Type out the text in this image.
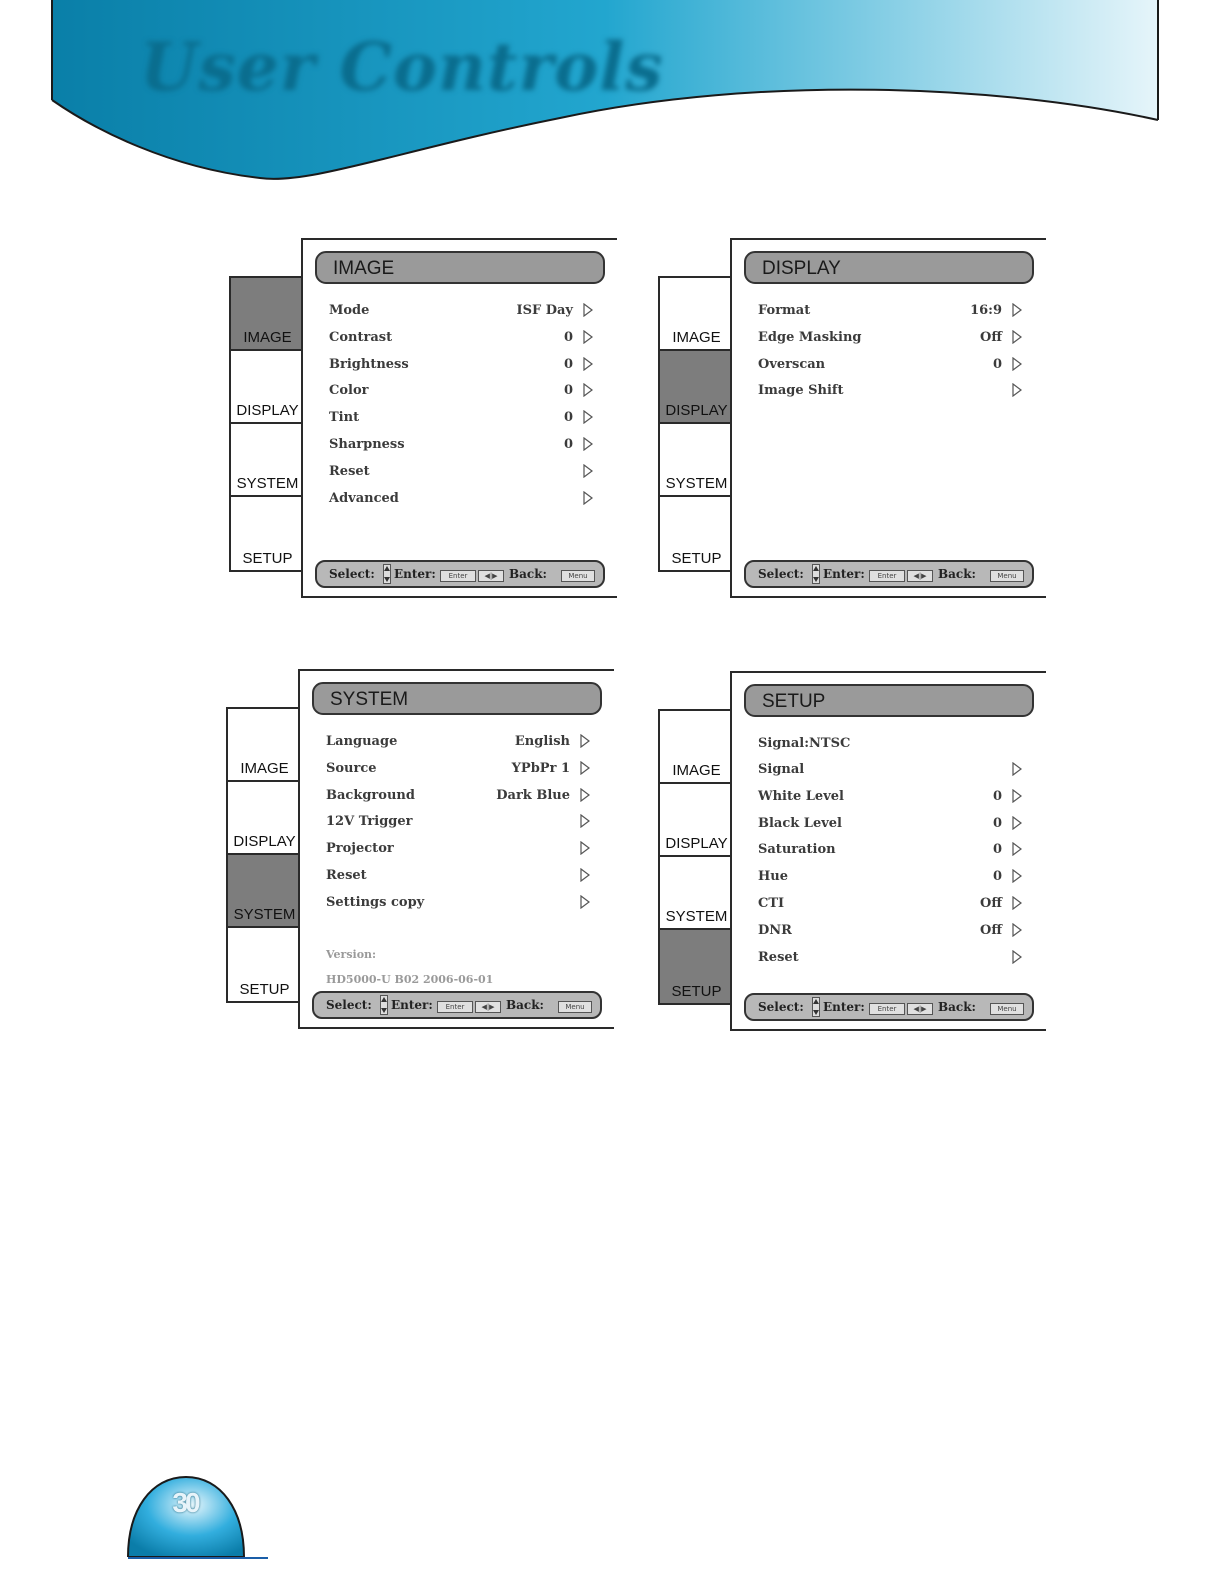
User Controls
IMAGE
DISPLAY
SYSTEM
SETUP
IMAGE
Mode	ISF Day
Contrast	0
Brightness	0
Color	0
Tint	0
Sharpness	0
Reset
Advanced
Select: Enter:	Enter	◀|▶ Back:	Menu
IMAGE
DISPLAY
SYSTEM
SETUP
DISPLAY
Format	16:9
Edge Masking	Off
Overscan	0
Image Shift
Select: Enter:	Enter	◀|▶ Back:	Menu
IMAGE
DISPLAY
SYSTEM
SETUP
SYSTEM
Language	English
Source	YPbPr 1
Background	Dark Blue
12V Trigger
Projector
Reset
Settings copy
Version:
HD5000-U B02 2006-06-01
Select: Enter:	Enter	◀|▶ Back:	Menu
IMAGE
DISPLAY
SYSTEM
SETUP
SETUP
Signal:NTSC
Signal
White Level	0
Black Level	0
Saturation	0
Hue	0
CTI	Off
DNR	Off
Reset
Select: Enter:	Enter	◀|▶ Back:	Menu
30
